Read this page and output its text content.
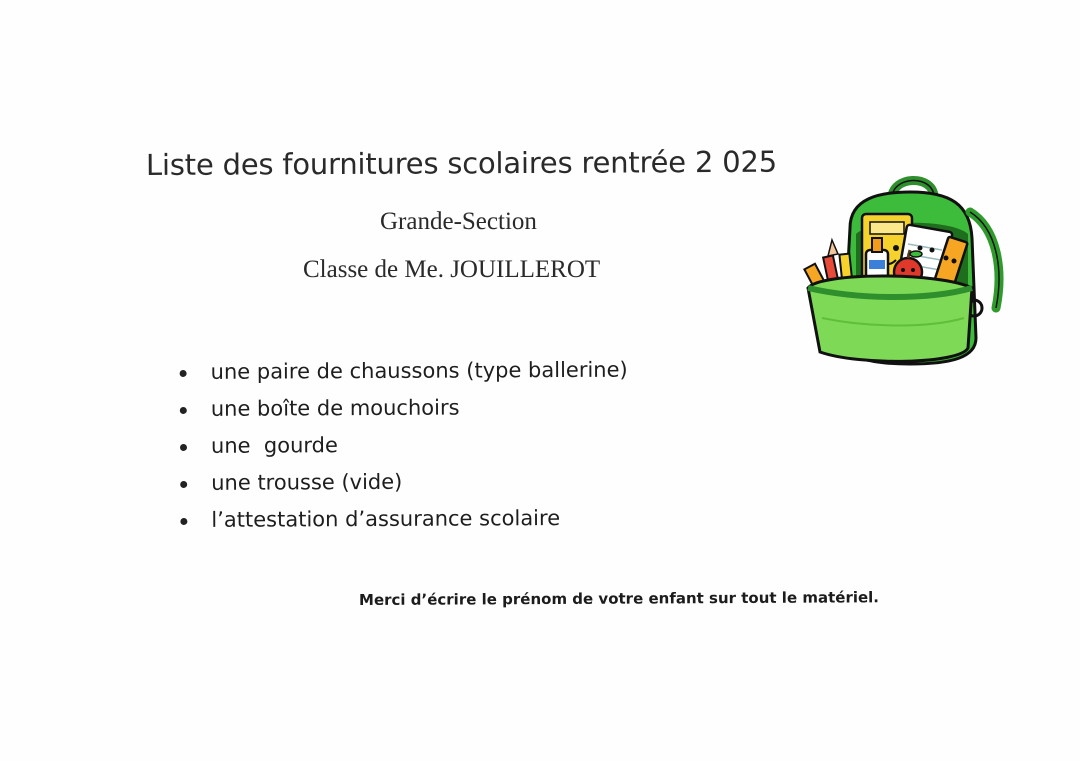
Liste des fournitures scolaires rentrée 2 025
Grande-Section
Classe de Me. JOUILLEROT
une paire de chaussons (type ballerine)
une boîte de mouchoirs
une  gourde
une trousse (vide)
l’attestation d’assurance scolaire
Merci d’écrire le prénom de votre enfant sur tout le matériel.
